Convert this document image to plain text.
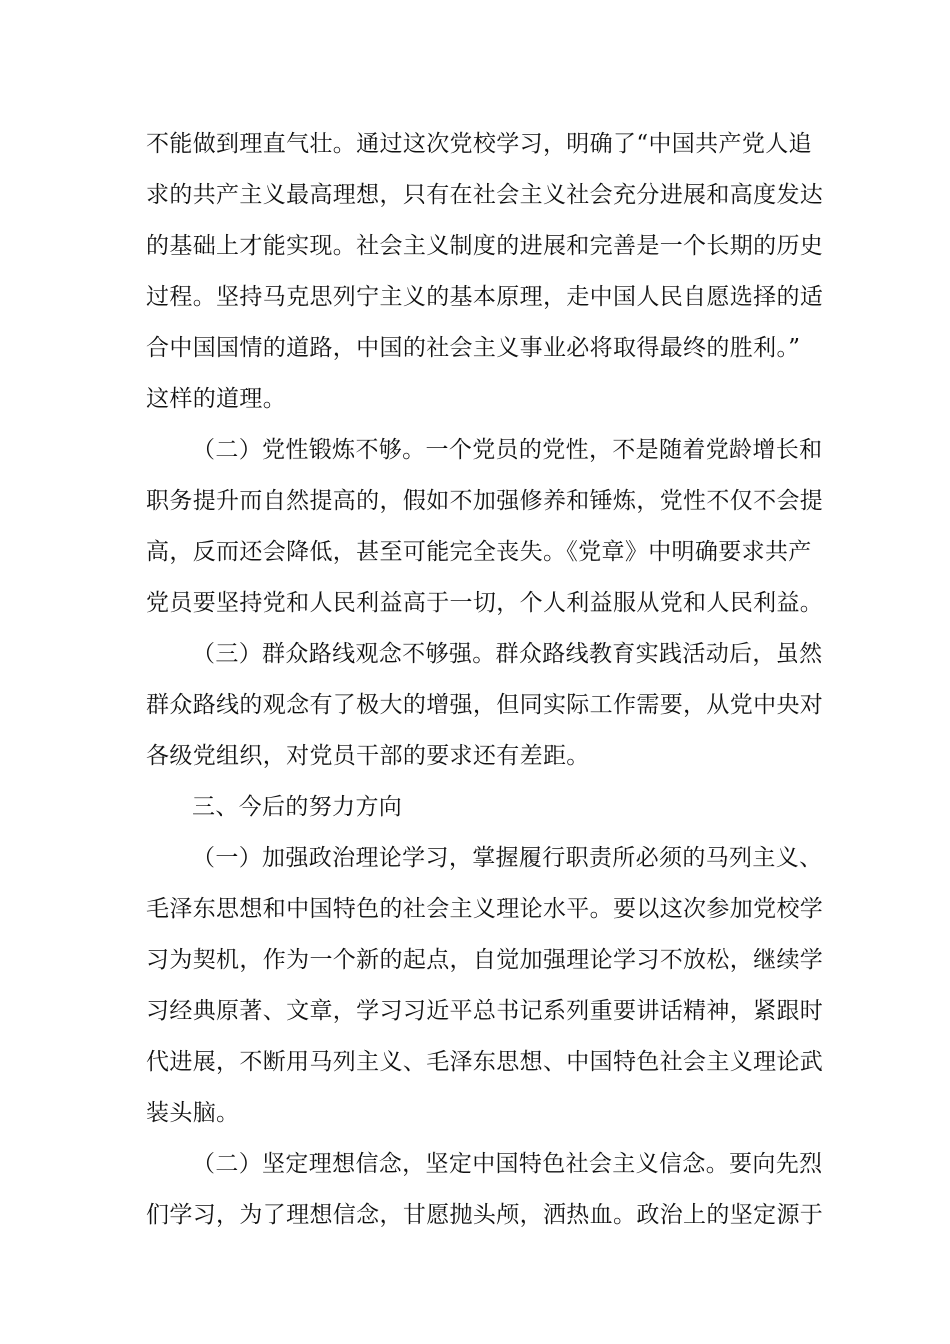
不能做到理直气壮。通过这次党校学习，明确了“中国共产党人追
求的共产主义最高理想，只有在社会主义社会充分进展和高度发达
的基础上才能实现。社会主义制度的进展和完善是一个长期的历史
过程。坚持马克思列宁主义的基本原理，走中国人民自愿选择的适
合中国国情的道路，中国的社会主义事业必将取得最终的胜利。”
这样的道理。
（二）党性锻炼不够。一个党员的党性，不是随着党龄增长和
职务提升而自然提高的，假如不加强修养和锤炼，党性不仅不会提
高，反而还会降低，甚至可能完全丧失。《党章》中明确要求共产
党员要坚持党和人民利益高于一切，个人利益服从党和人民利益。
（三）群众路线观念不够强。群众路线教育实践活动后，虽然
群众路线的观念有了极大的增强，但同实际工作需要，从党中央对
各级党组织，对党员干部的要求还有差距。
三、今后的努力方向
（一）加强政治理论学习，掌握履行职责所必须的马列主义、
毛泽东思想和中国特色的社会主义理论水平。要以这次参加党校学
习为契机，作为一个新的起点，自觉加强理论学习不放松，继续学
习经典原著、文章，学习习近平总书记系列重要讲话精神，紧跟时
代进展，不断用马列主义、毛泽东思想、中国特色社会主义理论武
装头脑。
（二）坚定理想信念，坚定中国特色社会主义信念。要向先烈
们学习，为了理想信念，甘愿抛头颅，洒热血。政治上的坚定源于
